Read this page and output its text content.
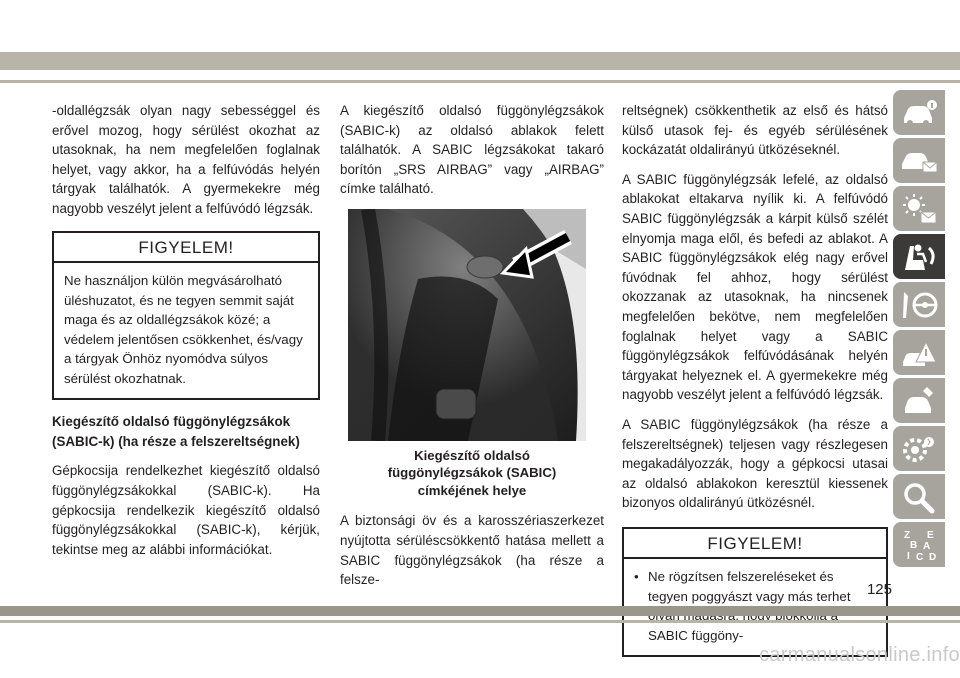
-oldallégzsák olyan nagy sebességgel és erővel mozog, hogy sérülést okozhat az utasoknak, ha nem megfelelően foglalnak helyet, vagy akkor, ha a felfúvódás helyén tárgyak találhatók. A gyermekekre még nagyobb veszélyt jelent a felfúvódó légzsák.

FIGYELEM!
Ne használjon külön megvásárolható üléshuzatot, és ne tegyen semmit saját maga és az oldallégzsákok közé; a védelem jelentősen csökkenhet, és/vagy a tárgyak Önhöz nyomódva súlyos sérülést okozhatnak.

Kiegészítő oldalsó függönylégzsákok (SABIC-k) (ha része a felszereltségnek)

Gépkocsija rendelkezhet kiegészítő oldalsó függönylégzsákokkal (SABIC-k). Ha gépkocsija rendelkezik kiegészítő oldalsó függönylégzsákokkal (SABIC-k), kérjük, tekintse meg az alábbi információkat.

A kiegészítő oldalsó függönylégzsákok (SABIC-k) az oldalsó ablakok felett találhatók. A SABIC légzsákokat takaró borítón „SRS AIRBAG” vagy „AIRBAG” címke található.

Kiegészítő oldalsó
függönylégzsákok (SABIC)
címkéjének helye

A biztonsági öv és a karosszériaszerkezet nyújtotta sérüléscsökkentő hatása mellett a SABIC függönylégzsákok (ha része a felsze-

reltségnek) csökkenthetik az első és hátsó külső utasok fej- és egyéb sérülésének kockázatát oldalirányú ütközéseknél.

A SABIC függönylégzsák lefelé, az oldalsó ablakokat eltakarva nyílik ki. A felfúvódó SABIC függönylégzsák a kárpit külső szélét elnyomja maga elől, és befedi az ablakot. A SABIC függönylégzsákok elég nagy erővel fúvódnak fel ahhoz, hogy sérülést okozzanak az utasoknak, ha nincsenek megfelelően bekötve, nem megfelelően foglalnak helyet vagy a SABIC függönylégzsákok felfúvódásának helyén tárgyakat helyeznek el. A gyermekekre még nagyobb veszélyt jelent a felfúvódó légzsák.

A SABIC függönylégzsákok (ha része a felszereltségnek) teljesen vagy részlegesen megakadályozzák, hogy a gépkocsi utasai az oldalsó ablakokon keresztül kiessenek bizonyos oldalirányú ütközésnél.

FIGYELEM!
• Ne rögzítsen felszereléseket és tegyen poggyászt vagy más terhet SABIC függöny-
Z E
B A
D
C
I
125
carmanualsonline.info
